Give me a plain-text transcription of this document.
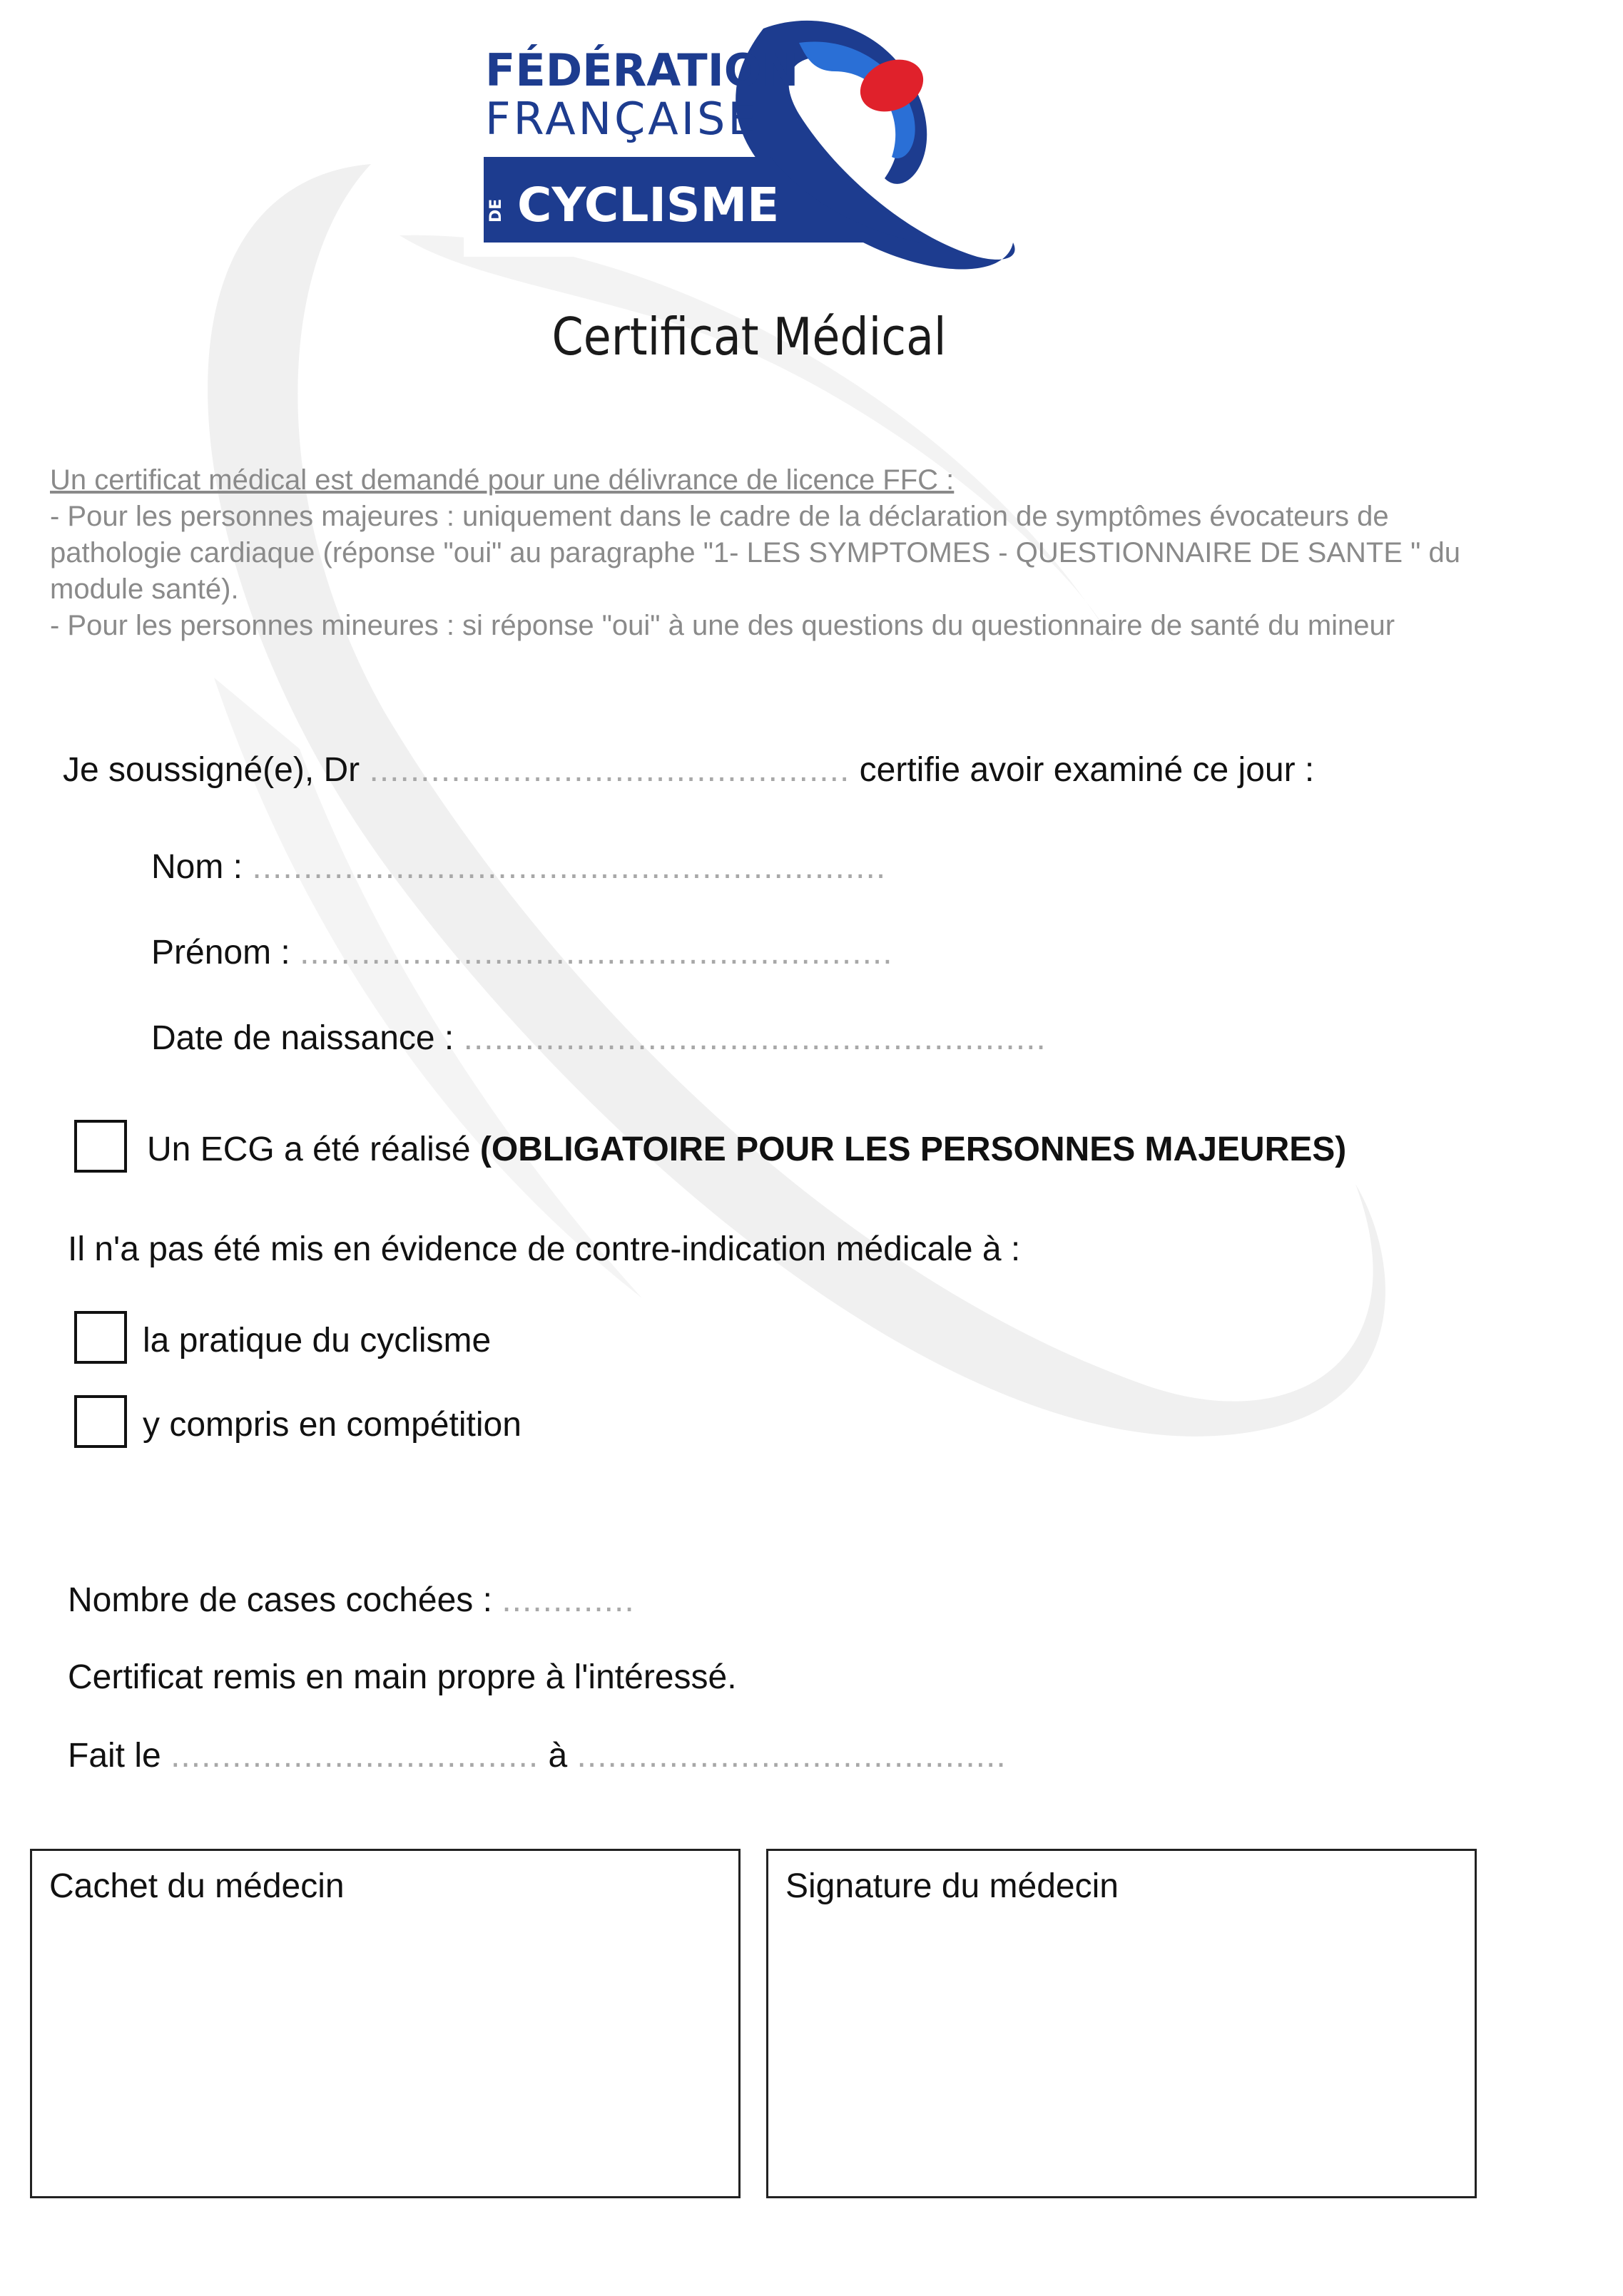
FÉDÉRATION
FRANÇAISE
DE CYCLISME
Certificat Médical
Un certificat médical est demandé pour une délivrance de licence FFC :
- Pour les personnes majeures : uniquement dans le cadre de la déclaration de symptômes évocateurs de pathologie cardiaque (réponse "oui" au paragraphe "1- LES SYMPTOMES - QUESTIONNAIRE DE SANTE " du module santé).
- Pour les personnes mineures : si réponse "oui" à une des questions du questionnaire de santé du mineur
Je soussigné(e), Dr ............................................... certifie avoir examiné ce jour :
Nom : ..............................................................
Prénom : ..........................................................
Date de naissance : .........................................................
Un ECG a été réalisé (OBLIGATOIRE POUR LES PERSONNES MAJEURES)
Il n'a pas été mis en évidence de contre-indication médicale à :
la pratique du cyclisme
y compris en compétition
Nombre de cases cochées : .............
Certificat remis en main propre à l'intéressé.
Fait le .................................... à ..........................................
Cachet du médecin	Signature du médecin
